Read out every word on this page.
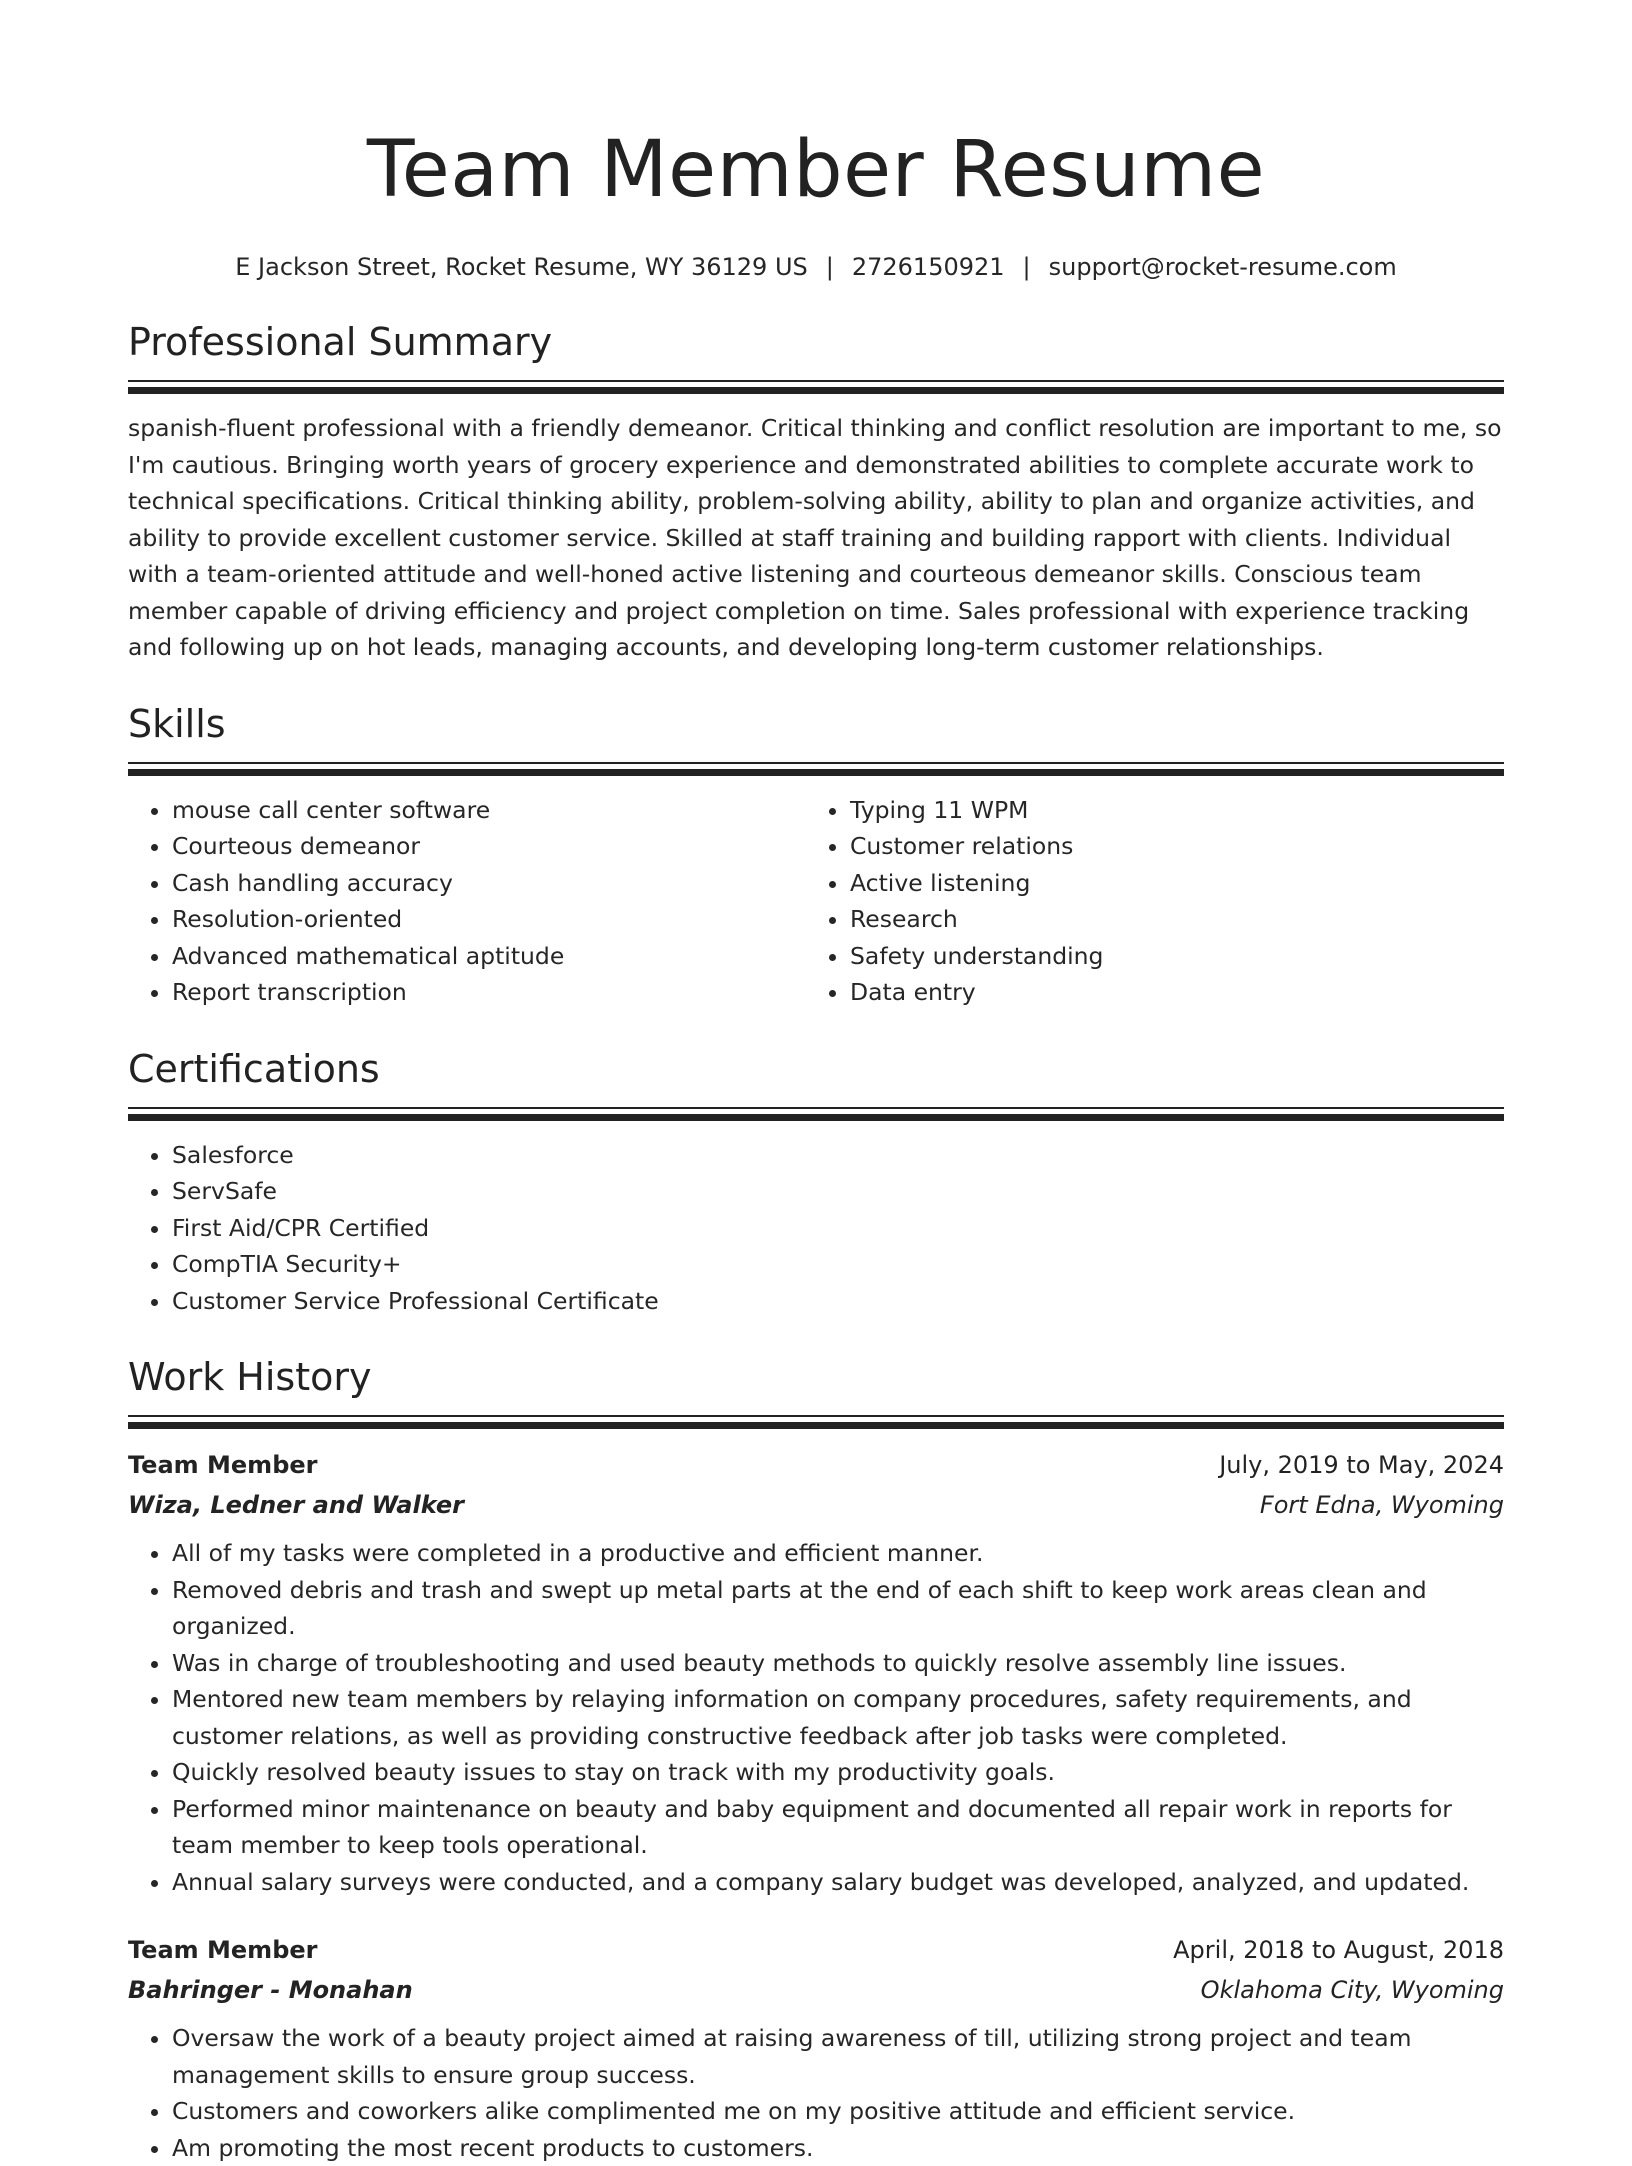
Team Member Resume
E Jackson Street, Rocket Resume, WY 36129 US | 2726150921 | support@rocket-resume.com
Professional Summary
spanish-fluent professional with a friendly demeanor. Critical thinking and conflict resolution are important to me, so I'm cautious. Bringing worth years of grocery experience and demonstrated abilities to complete accurate work to technical specifications. Critical thinking ability, problem-solving ability, ability to plan and organize activities, and ability to provide excellent customer service. Skilled at staff training and building rapport with clients. Individual with a team-oriented attitude and well-honed active listening and courteous demeanor skills. Conscious team member capable of driving efficiency and project completion on time. Sales professional with experience tracking and following up on hot leads, managing accounts, and developing long-term customer relationships.
Skills
• mouse call center software
• Courteous demeanor
• Cash handling accuracy
• Resolution-oriented
• Advanced mathematical aptitude
• Report transcription
• Typing 11 WPM
• Customer relations
• Active listening
• Research
• Safety understanding
• Data entry
Certifications
• Salesforce
• ServSafe
• First Aid/CPR Certified
• CompTIA Security+
• Customer Service Professional Certificate
Work History
Team Member	July, 2019 to May, 2024
Wiza, Ledner and Walker	Fort Edna, Wyoming
• All of my tasks were completed in a productive and efficient manner.
• Removed debris and trash and swept up metal parts at the end of each shift to keep work areas clean and organized.
• Was in charge of troubleshooting and used beauty methods to quickly resolve assembly line issues.
• Mentored new team members by relaying information on company procedures, safety requirements, and customer relations, as well as providing constructive feedback after job tasks were completed.
• Quickly resolved beauty issues to stay on track with my productivity goals.
• Performed minor maintenance on beauty and baby equipment and documented all repair work in reports for team member to keep tools operational.
• Annual salary surveys were conducted, and a company salary budget was developed, analyzed, and updated.
Team Member	April, 2018 to August, 2018
Bahringer - Monahan	Oklahoma City, Wyoming
• Oversaw the work of a beauty project aimed at raising awareness of till, utilizing strong project and team management skills to ensure group success.
• Customers and coworkers alike complimented me on my positive attitude and efficient service.
• Am promoting the most recent products to customers.
